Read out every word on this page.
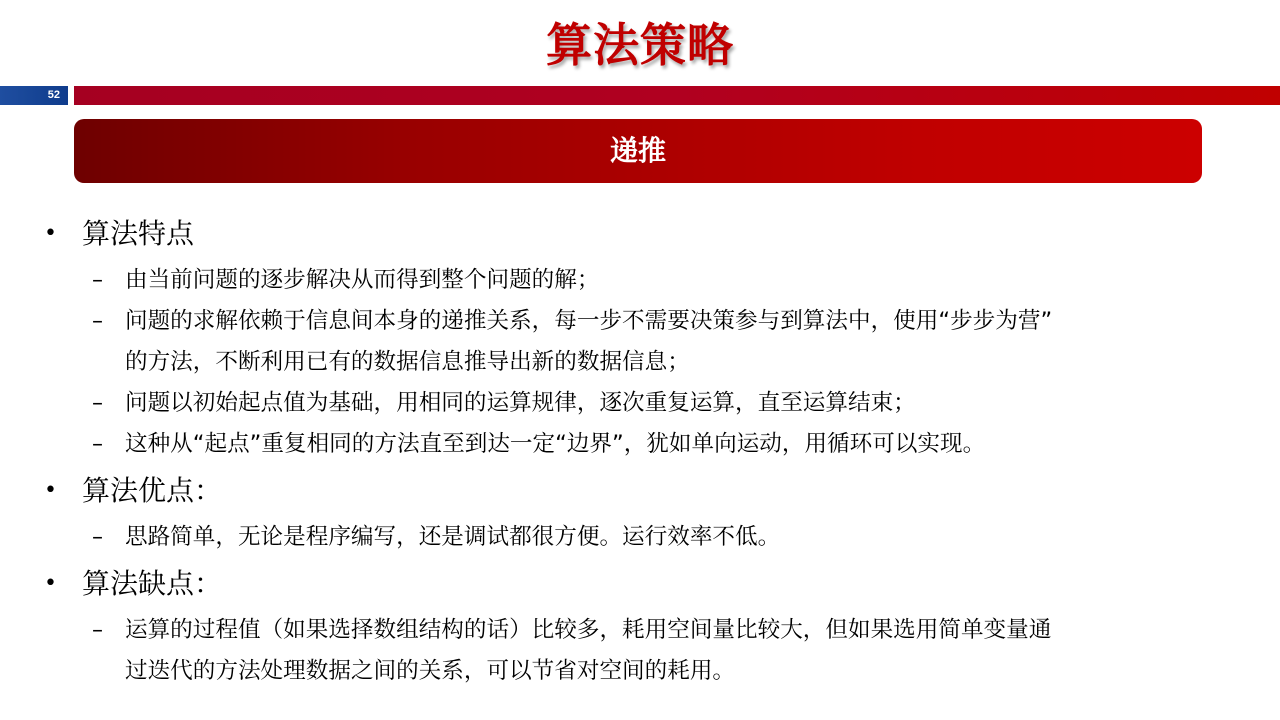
算法策略
52
递推
• 算法特点
– 由当前问题的逐步解决从而得到整个问题的解；
– 问题的求解依赖于信息间本身的递推关系，每一步不需要决策参与到算法中，使用“步步为营”
的方法，不断利用已有的数据信息推导出新的数据信息；
– 问题以初始起点值为基础，用相同的运算规律，逐次重复运算，直至运算结束；
– 这种从“起点”重复相同的方法直至到达一定“边界”，犹如单向运动，用循环可以实现。
• 算法优点：
– 思路简单，无论是程序编写，还是调试都很方便。运行效率不低。
• 算法缺点：
– 运算的过程值（如果选择数组结构的话）比较多，耗用空间量比较大，但如果选用简单变量通
过迭代的方法处理数据之间的关系，可以节省对空间的耗用。
